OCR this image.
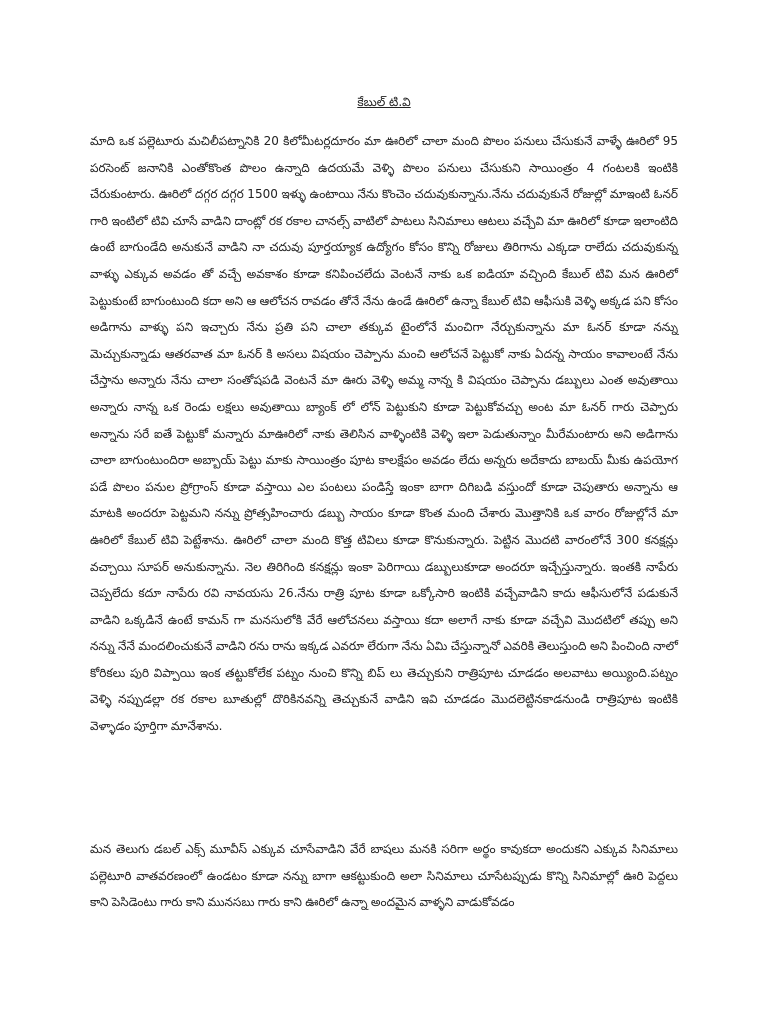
కేబుల్ టి.వి

మాది ఒక పల్లెటూరు మచిలీపట్నానికి 20 కిలోమీటర్లదూరం మా ఊరిలో చాలా మంది పొలం పనులు చేసుకునే వాళ్ళే ఊరిలో 95 పరసెంట్ జనానికి ఎంతోకొంత పొలం ఉన్నాది ఉదయమే వెళ్ళి పొలం పనులు చేసుకుని సాయింత్రం 4 గంటలకి ఇంటికి చేరుకుంటారు. ఊరిలో దగ్గర దగ్గర 1500 ఇళ్ళు ఉంటాయి నేను కొంచెం చదువుకున్నాను.నేను చదువుకునే రోజుల్లో మాఇంటి ఓనర్ గారి ఇంటిలో టివి చూసే వాడిని దాంట్లో రక రకాల చానల్స్ వాటిలో పాటలు సినిమాలు ఆటలు వచ్చేవి మా ఊరిలో కూడా ఇలాంటిది ఉంటే బాగుండేది అనుకునే వాడిని నా చదువు పూర్తయ్యాక ఉద్యోగం కోసం కొన్ని రోజులు తిరిగాను ఎక్కడా రాలేదు చదువుకున్న వాళ్ళు ఎక్కువ అవడం తో వచ్చే అవకాశం కూడా కనిపించలేదు వెంటనే నాకు ఒక ఐడియా వచ్చింది కేబుల్ టివి మన ఊరిలో పెట్టుకుంటే బాగుంటుంది కదా అని ఆ ఆలోచన రావడం తోనే నేను ఉండే ఊరిలో ఉన్నా కేబుల్ టివి ఆఫీసుకి వెళ్ళి అక్కడ పని కోసం అడిగాను వాళ్ళు పని ఇచ్చారు నేను ప్రతి పని చాలా తక్కువ టైంలోనే మంచిగా నేర్చుకున్నాను మా ఓనర్ కూడా నన్ను మెచ్చుకున్నాడు ఆతరవాత మా ఓనర్ కి అసలు విషయం చెప్పాను మంచి ఆలోచనే పెట్టుకో నాకు ఏదన్న సాయం కావాలంటే నేను చేస్తాను అన్నారు నేను చాలా సంతోషపడి వెంటనే మా ఊరు వెళ్ళి అమ్మ నాన్న కి విషయం చెప్పాను డబ్బులు ఎంత అవుతాయి అన్నారు నాన్న ఒక రెండు లక్షలు అవుతాయి బ్యాంక్ లో లోన్ పెట్టుకుని కూడా పెట్టుకోవచ్చు అంట మా ఓనర్ గారు చెప్పారు అన్నాను సరే ఐతే పెట్టుకో మన్నారు మాఊరిలో నాకు తెలిసిన వాళ్ళింటికి వెళ్ళి ఇలా పెడుతున్నాం మీరేమంటారు అని అడిగాను చాలా బాగుంటుందిరా అబ్బాయ్ పెట్టు మాకు సాయింత్రం పూట కాలక్షేపం అవడం లేదు అన్నరు అదేకాదు బాబయ్ మీకు ఉపయోగ పడే పొలం పనుల ప్రోగ్రాంస్ కూడా వస్తాయి ఎల పంటలు పండిస్తే ఇంకా బాగా దిగిబడి వస్తుందో కూడా చెపుతారు అన్నాను ఆ మాటకి అందరూ పెట్టమని నన్ను ప్రోత్సహించారు డబ్బు సాయం కూడా కొంత మంది చేశారు మొత్తానికి ఒక వారం రోజుల్లోనే మా ఊరిలో కేబుల్ టివి పెట్టేశాను. ఊరిలో చాలా మంది కొత్త టివిలు కూడా కొనుకున్నారు. పెట్టిన మొదటి వారంలోనే 300 కనక్షన్లు వచ్చాయి సూపర్ అనుకున్నాను. నెల తిరిగింది కనక్షన్లు ఇంకా పెరిగాయి డబ్బులుకూడా అందరూ ఇచ్చేస్తున్నారు. ఇంతకి నాపేరు చెప్పలేదు కదూ నాపేరు రవి నావయసు 26.నేను రాత్రి పూట కూడా ఒక్కోసారి ఇంటికి వచ్చేవాడిని కాదు ఆఫీసులోనే పడుకునే వాడిని ఒక్కడినే ఉంటే కామన్ గా మనసులోకి వేరే ఆలోచనలు వస్తాయి కదా అలాగే నాకు కూడా వచ్చేవి మొదటిలో తప్పు అని నన్ను నేనే మందలించుకునే వాడిని రను రాను ఇక్కడ ఎవరూ లేరుగా నేను ఏమి చేస్తున్నానో ఎవరికి తెలుస్తుంది అని పించింది నాలో కోరికలు పురి విప్పాయి ఇంక తట్టుకోలేక పట్నం నుంచి కొన్ని బిప్ లు తెచ్చుకుని రాత్రిపూట చూడడం అలవాటు అయ్యింది.పట్నం వెళ్ళి నప్పుడల్లా రక రకాల బూతుల్లో దొరికినవన్ని తెచ్చుకునే వాడిని ఇవి చూడడం మొదలెట్టినకాడనుండి రాత్రిపూట ఇంటికి వెళ్ళాడం పూర్తిగా మానేశాను.

మన తెలుగు డబల్ ఎక్స్ మూవీస్ ఎక్కువ చూసేవాడిని వేరే బాషలు మనకి సరిగా అర్థం కావుకదా అందుకని ఎక్కువ సినిమాలు పల్లెటూరి వాతవరణంలో ఉండటం కూడా నన్ను బాగా ఆకట్టుకుంది అలా సినిమాలు చూసేటప్పుడు కొన్ని సినిమాల్లో ఊరి పెద్దలు కాని పెసిడెంటు గారు కాని మునసబు గారు కాని ఊరిలో ఉన్నా అందమైన వాళ్ళని వాడుకోవడం
